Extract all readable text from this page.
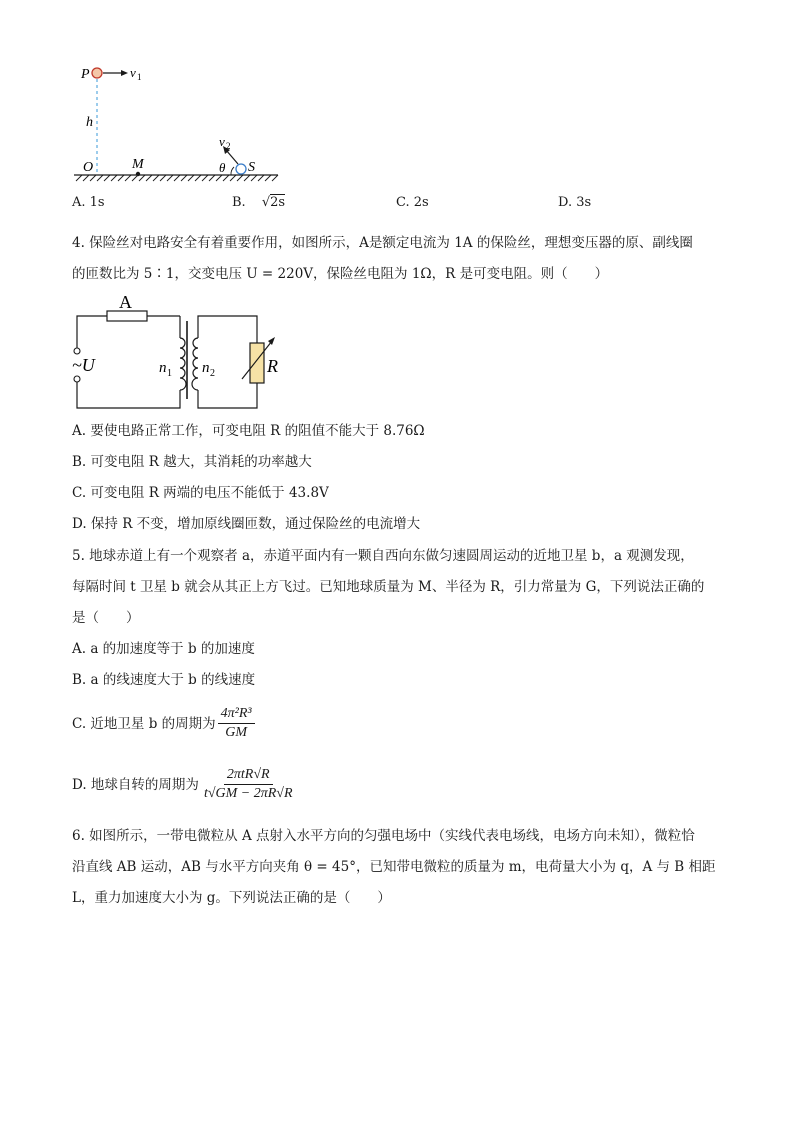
P	v 1
h
O	M
v 2
θ S
A. 1s	B. √2s	C. 2s	D. 3s
4. 保险丝对电路安全有着重要作用，如图所示，A是额定电流为 1A 的保险丝，理想变压器的原、副线圈
的匝数比为 5∶1，交变电压 U = 220V，保险丝电阻为 1Ω，R 是可变电阻。则（　　）
A
~U	n 1 n 2	R
A. 要使电路正常工作，可变电阻 R 的阻值不能大于 8.76Ω
B. 可变电阻 R 越大，其消耗的功率越大
C. 可变电阻 R 两端的电压不能低于 43.8V
D. 保持 R 不变，增加原线圈匝数，通过保险丝的电流增大
5. 地球赤道上有一个观察者 a，赤道平面内有一颗自西向东做匀速圆周运动的近地卫星 b，a 观测发现，
每隔时间 t 卫星 b 就会从其正上方飞过。已知地球质量为 M、半径为 R，引力常量为 G，下列说法正确的
是（　　）
A. a 的加速度等于 b 的加速度
B. a 的线速度大于 b 的线速度
C. 近地卫星 b 的周期为 $\frac{\text{4π²R³}}{GM}$
D. 地球自转的周期为 $\frac{\text{2πtR√R}}{t√GM - 2\pi R√R}$
6. 如图所示，一带电微粒从 A 点射入水平方向的匀强电场中（实线代表电场线，电场方向未知），微粒恰
沿直线 AB 运动，AB 与水平方向夹角 θ = 45°，已知带电微粒的质量为 m，电荷量大小为 q，A 与 B 相距
L，重力加速度大小为 g。下列说法正确的是（　　）
